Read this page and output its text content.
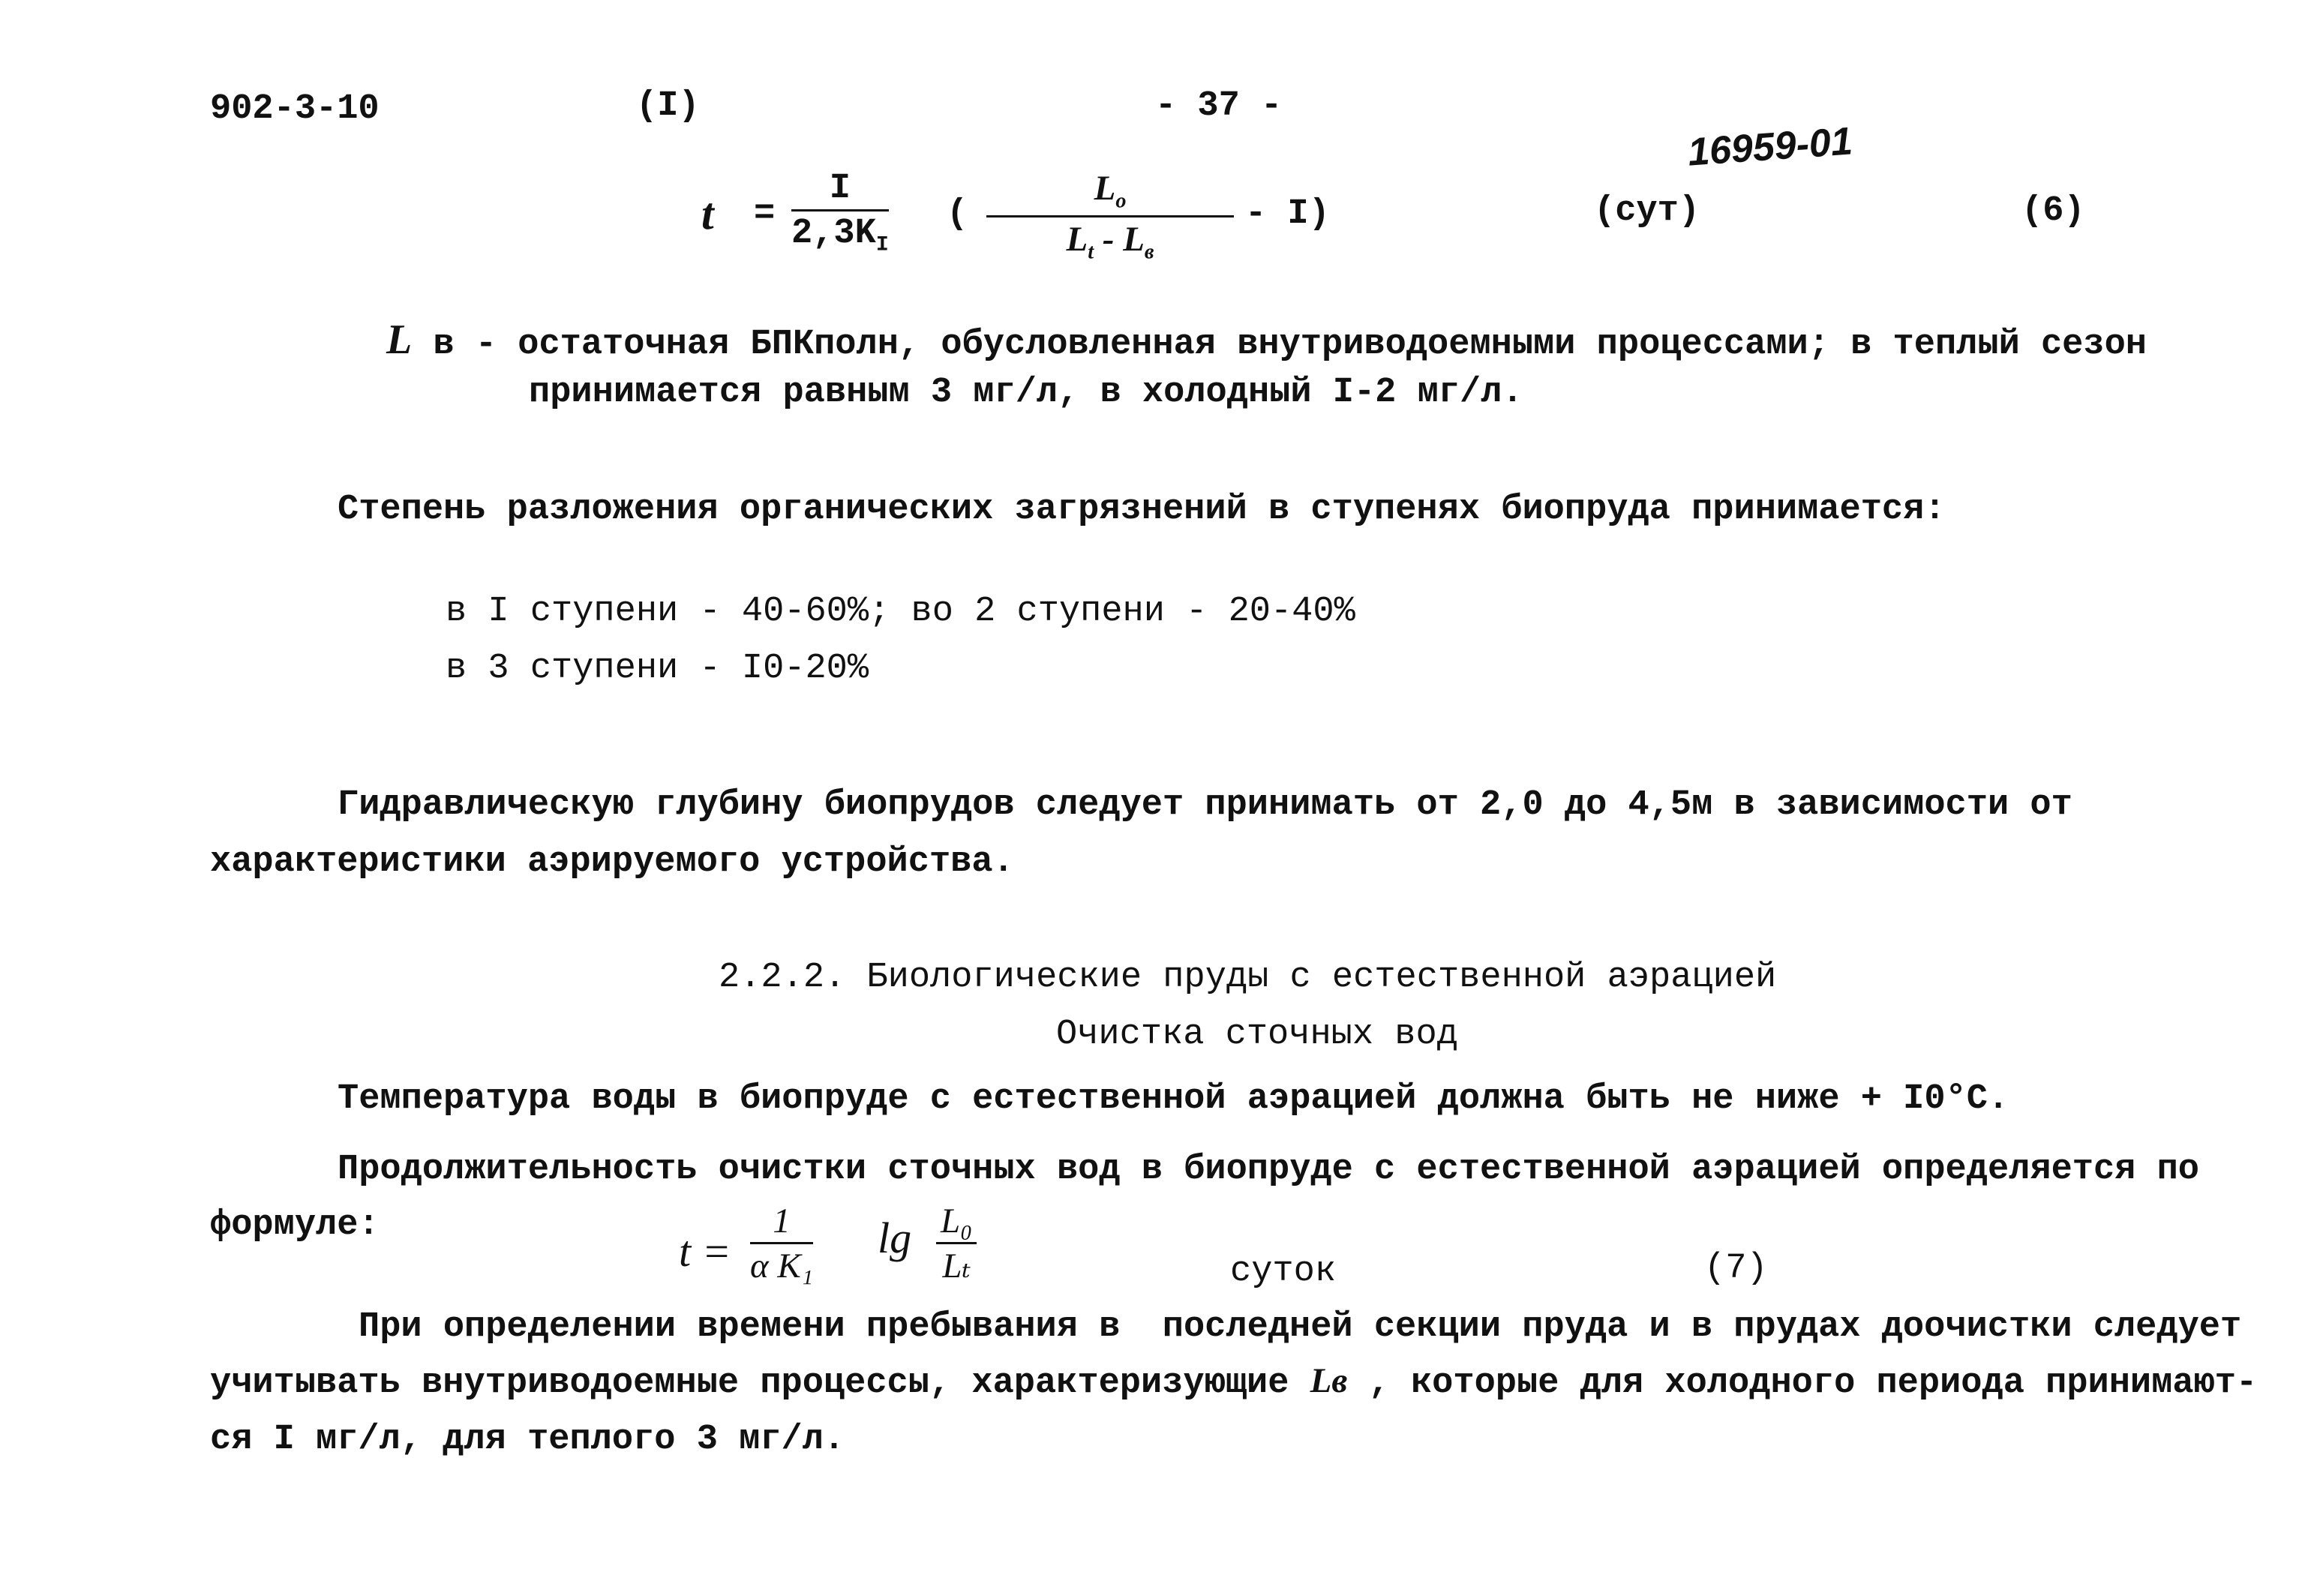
902-3-10	(I)	- 37 -
16959-01
$t = \frac{I}{2,3K_I}$ (
$L_o$
$L_t - L_в$
- I)	(сут)	(6)
L в - остаточная БПКполн, обусловленная внутриводоемными процессами; в теплый сезон
принимается равным 3 мг/л, в холодный I-2 мг/л.
Степень разложения органических загрязнений в ступенях биопруда принимается:
в I ступени - 40-60%; во 2 ступени - 20-40%
в 3 ступени - I0-20%
Гидравлическую глубину биопрудов следует принимать от 2,0 до 4,5м в зависимости от
характеристики аэрируемого устройства.
2.2.2. Биологические пруды с естественной аэрацией
Очистка сточных вод
Температура воды в биопруде с естественной аэрацией должна быть не ниже + I0°C.
Продолжительность очистки сточных вод в биопруде с естественной аэрацией определяется по
формуле:
$t = \frac{1}{\text{α K₁}}$ $\lg \frac{\text{L₀}}{\text{Lₜ}}$	суток	(7)
При определении времени пребывания в  последней секции пруда и в прудах доочистки следует
учитывать внутриводоемные процессы, характеризующие Lв , которые для холодного периода принимают-
ся I мг/л, для теплого 3 мг/л.
